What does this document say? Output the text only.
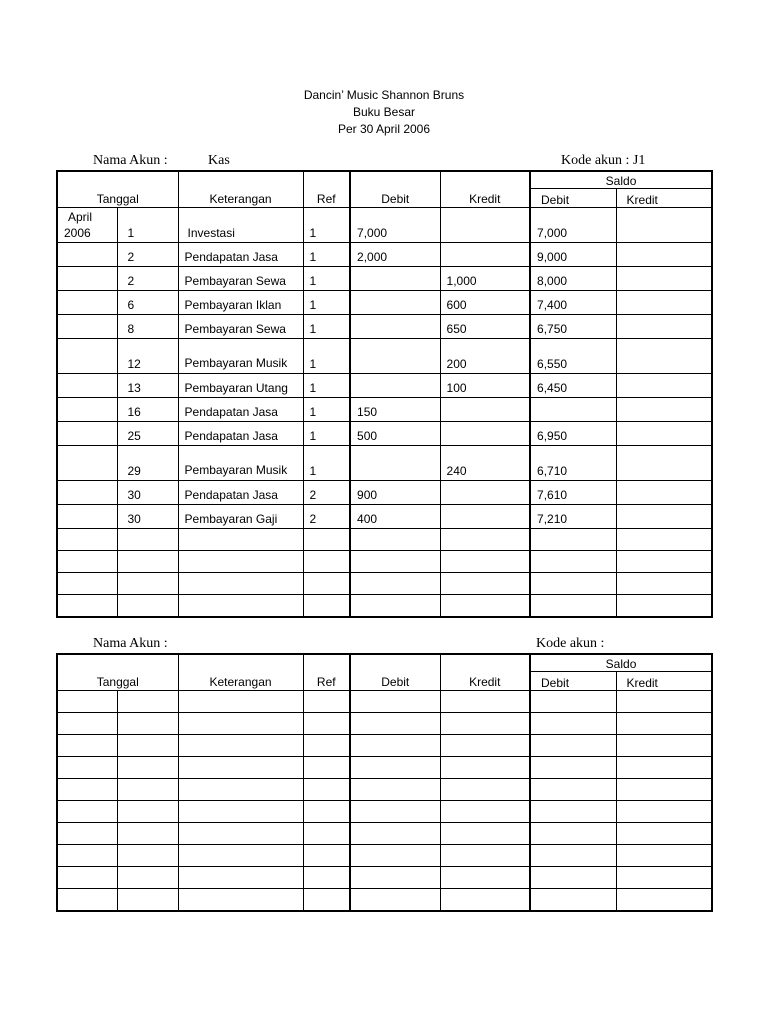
Dancin’ Music Shannon Bruns
Buku Besar
Per 30 April 2006
Nama Akun :	Kas	Kode akun : J1
Tanggal		Keterangan	Ref	Debit	Kredit	Saldo	
						Debit	Kredit

April
2006	1	Investasi	1	7,000		7,000	
	2	Pendapatan Jasa	1	2,000		9,000	
	2	Pembayaran Sewa	1		1,000	8,000	
	6	Pembayaran Iklan	1		600	7,400	
	8	Pembayaran Sewa	1		650	6,750	
	12	Pembayaran Musik	1		200	6,550	
	13	Pembayaran Utang	1		100	6,450	
	16	Pendapatan Jasa	1	150			
	25	Pendapatan Jasa	1	500		6,950	
	29	Pembayaran Musik	1		240	6,710	
	30	Pendapatan Jasa	2	900		7,610	
	30	Pembayaran Gaji	2	400		7,210	

Nama Akun :	Kode akun :
Tanggal		Keterangan	Ref	Debit	Kredit	Saldo	
						Debit	Kredit
